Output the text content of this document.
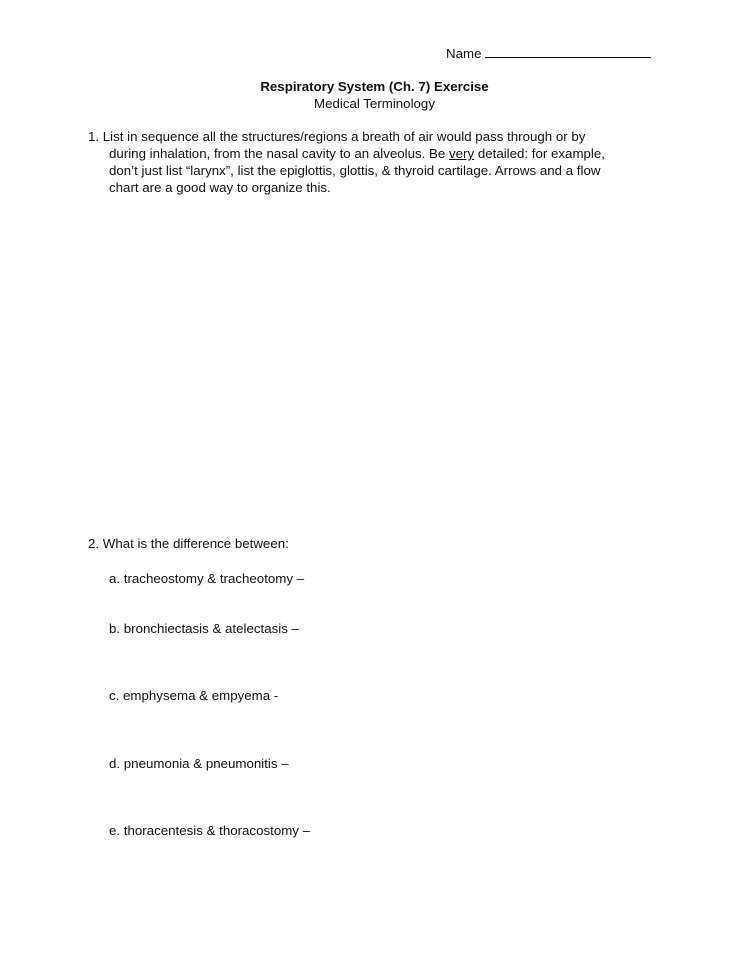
Name
Respiratory System (Ch. 7) Exercise
Medical Terminology
1. List in sequence all the structures/regions a breath of air would pass through or by
during inhalation, from the nasal cavity to an alveolus. Be very detailed: for example,
don’t just list “larynx”, list the epiglottis, glottis, & thyroid cartilage. Arrows and a flow
chart are a good way to organize this.
2. What is the difference between:
a. tracheostomy & tracheotomy –
b. bronchiectasis & atelectasis –
c. emphysema & empyema -
d. pneumonia & pneumonitis –
e. thoracentesis & thoracostomy –
